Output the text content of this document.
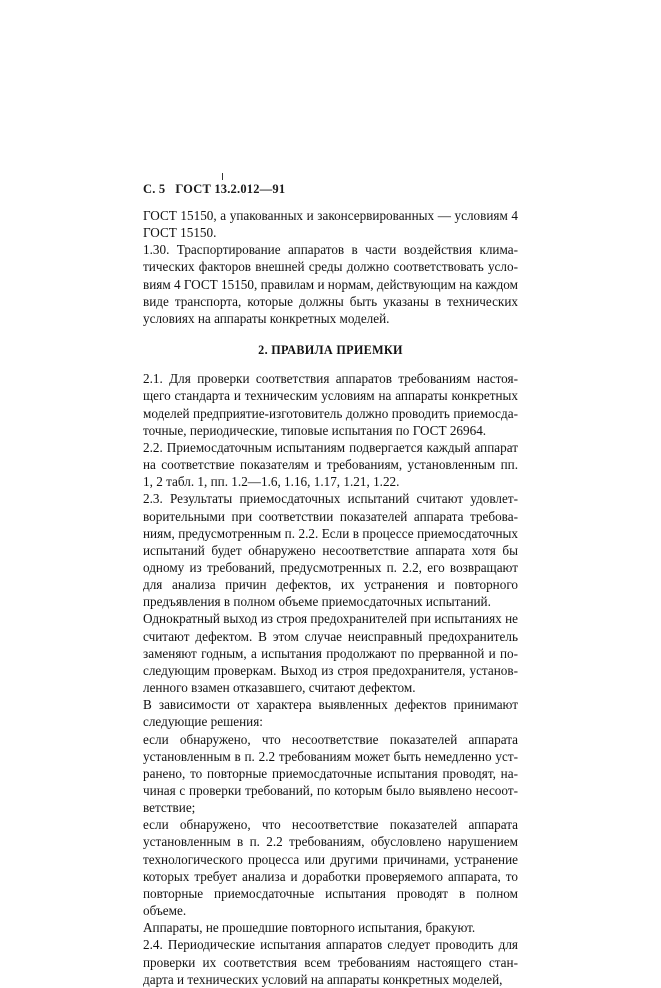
С. 5 ГОСТ 13.2.012—91

ГОСТ 15150, а упакованных и законсервированных — условиям 4 ГОСТ 15150.

1.30. Траспортирование аппаратов в части воздействия климатических факторов внешней среды должно соответствовать условиям 4 ГОСТ 15150, правилам и нормам, действующим на каждом виде транспорта, которые должны быть указаны в технических условиях на аппараты конкретных моделей.

2. ПРАВИЛА ПРИЕМКИ

2.1. Для проверки соответствия аппаратов требованиям настоящего стандарта и техническим условиям на аппараты конкретных моделей предприятие-изготовитель должно проводить приемосдаточные, периодические, типовые испытания по ГОСТ 26964.

2.2. Приемосдаточным испытаниям подвергается каждый аппарат на соответствие показателям и требованиям, установленным пп. 1, 2 табл. 1, пп. 1.2—1.6, 1.16, 1.17, 1.21, 1.22.

2.3. Результаты приемосдаточных испытаний считают удовлетворительными при соответствии показателей аппарата требованиям, предусмотренным п. 2.2. Если в процессе приемосдаточных испытаний будет обнаружено несоответствие аппарата хотя бы одному из требований, предусмотренных п. 2.2, его возвращают для анализа причин дефектов, их устранения и повторного предъявления в полном объеме приемосдаточных испытаний.

Однократный выход из строя предохранителей при испытаниях не считают дефектом. В этом случае неисправный предохранитель заменяют годным, а испытания продолжают по прерванной и последующим проверкам. Выход из строя предохранителя, установленного взамен отказавшего, считают дефектом.

В зависимости от характера выявленных дефектов принимают следующие решения:

если обнаружено, что несоответствие показателей аппарата установленным в п. 2.2 требованиям может быть немедленно устранено, то повторные приемосдаточные испытания проводят, начиная с проверки требований, по которым было выявлено несоответствие;

если обнаружено, что несоответствие показателей аппарата установленным в п. 2.2 требованиям, обусловлено нарушением технологического процесса или другими причинами, устранение которых требует анализа и доработки проверяемого аппарата, то повторные приемосдаточные испытания проводят в полном объеме.

Аппараты, не прошедшие повторного испытания, бракуют.

2.4. Периодические испытания аппаратов следует проводить для проверки их соответствия всем требованиям настоящего стандарта и технических условий на аппараты конкретных моделей,
